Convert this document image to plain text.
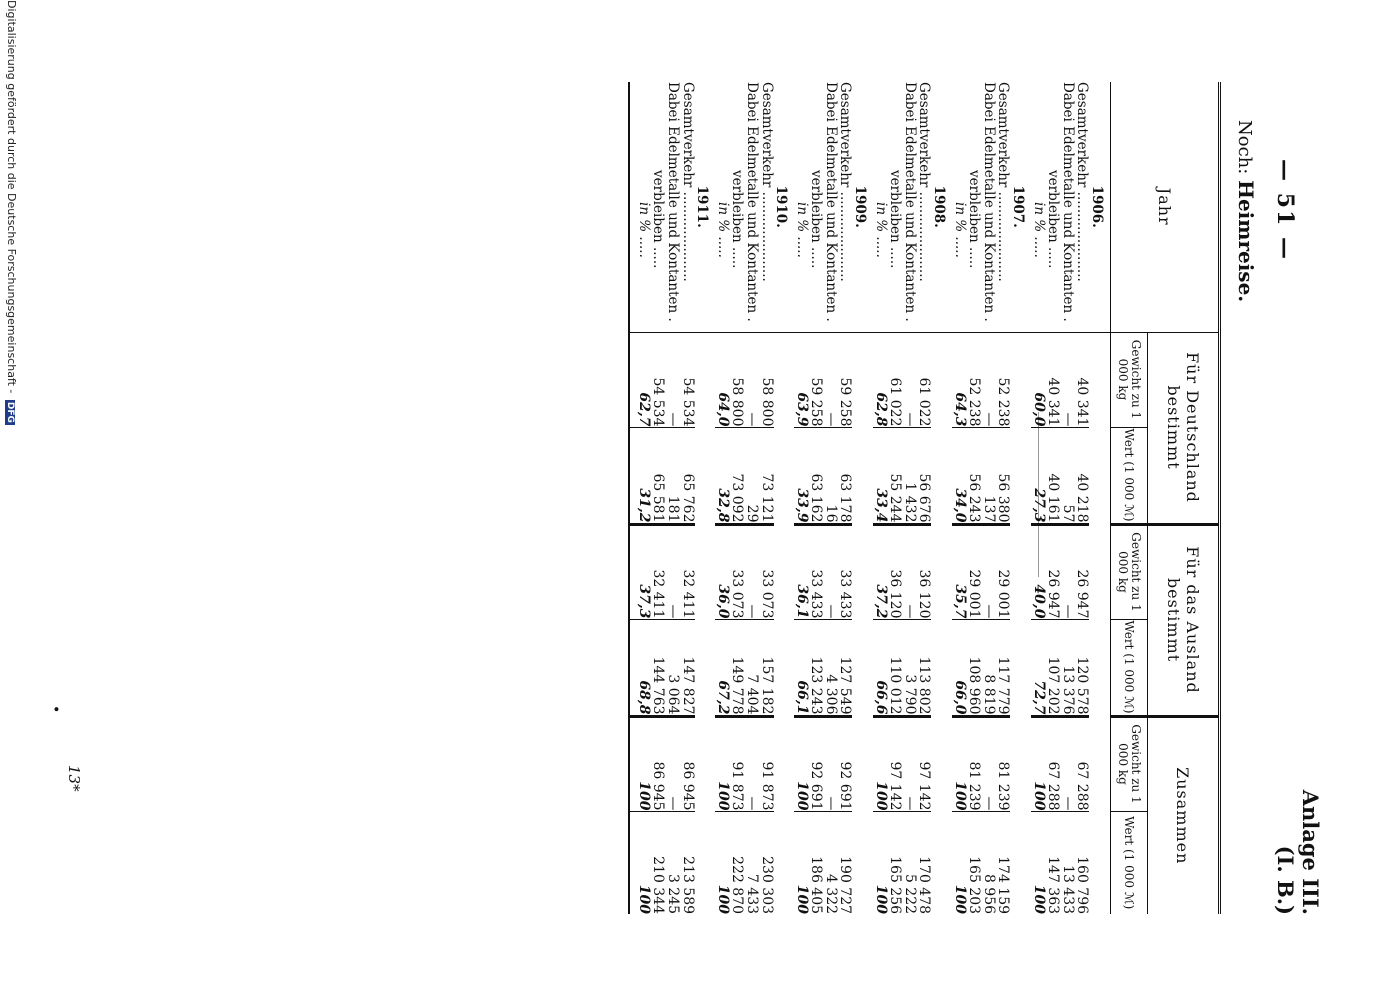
Anlage III.
(I. B.)
— 51 —
Noch: Heimreise.
Jahr	Für Deutschland bestimmt		Für das Ausland bestimmt		Zusammen	
	Gewicht zu 1 000 kg	Wert (1 000 ℳ)	Gewicht zu 1 000 kg	Wert (1 000 ℳ)	Gewicht zu 1 000 kg	Wert (1 000 ℳ)
1906.						
Gesamtverkehr .....................	40 341	40 218	26 947	120 578	67 288	160 796
Dabei Edelmetalle und Kontanten .	—	57	—	13 376	—	13 433
verbleiben .....	40 341	40 161	26 947	107 202	67 288	147 363
in % .....	60,0	27,3	40,0	72,7	100	100
1907.						
Gesamtverkehr .....................	52 238	56 380	29 001	117 779	81 239	174 159
Dabei Edelmetalle und Kontanten .	—	137	—	8 819	—	8 956
verbleiben .....	52 238	56 243	29 001	108 960	81 239	165 203
in % .....	64,3	34,0	35,7	66,0	100	100
1908.						
Gesamtverkehr .....................	61 022	56 676	36 120	113 802	97 142	170 478
Dabei Edelmetalle und Kontanten .	—	1 432	—	3 790	—	5 222
verbleiben .....	61 022	55 244	36 120	110 012	97 142	165 256
in % .....	62,8	33,4	37,2	66,6	100	100
1909.						
Gesamtverkehr .....................	59 258	63 178	33 433	127 549	92 691	190 727
Dabei Edelmetalle und Kontanten .	—	16	—	4 306	—	4 322
verbleiben .....	59 258	63 162	33 433	123 243	92 691	186 405
in % .....	63,9	33,9	36,1	66,1	100	100
1910.						
Gesamtverkehr .....................	58 800	73 121	33 073	157 182	91 873	230 303
Dabei Edelmetalle und Kontanten .	—	29	—	7 404	—	7 433
verbleiben .....	58 800	73 092	33 073	149 778	91 873	222 870
in % .....	64,0	32,8	36,0	67,2	100	100
1911.						
Gesamtverkehr .....................	54 534	65 762	32 411	147 827	86 945	213 589
Dabei Edelmetalle und Kontanten .	—	181	—	3 064	—	3 245
verbleiben .....	54 534	65 581	32 411	144 763	86 945	210 344
in % .....	62,7	31,2	37,3	68,8	100	100

13*
•
Digitalisierung gefördert durch die Deutsche Forschungsgemeinschaft - DFG
